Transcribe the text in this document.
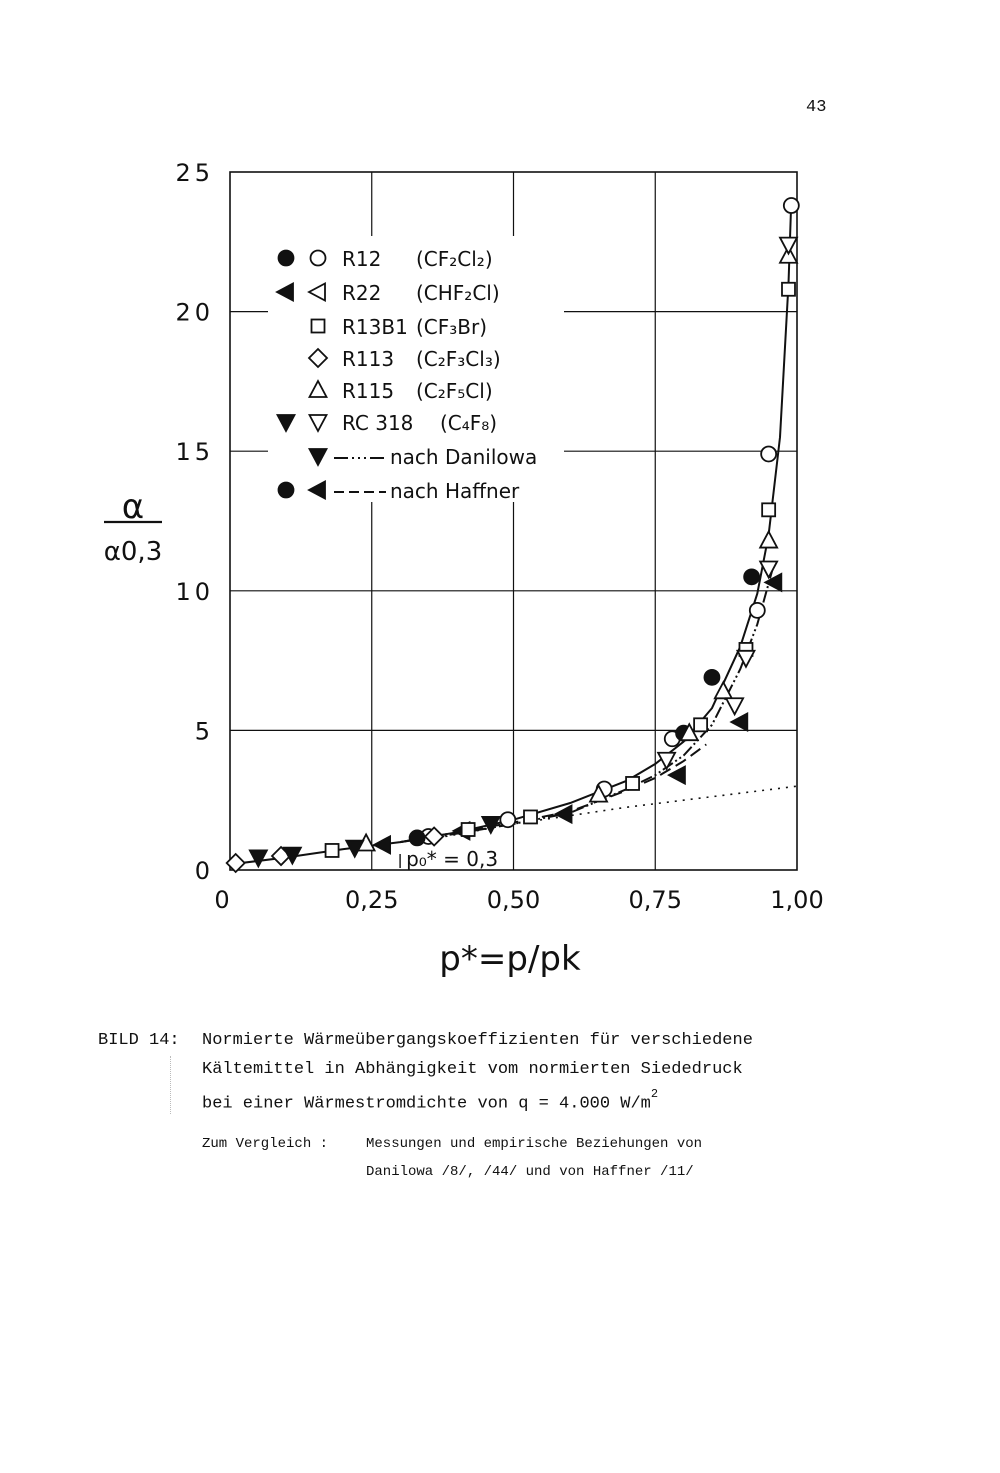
43
0	0,25	0,50	0,75	1,00
0
5
10
15
20
25
p*=p/pk
α
α0,3
p₀* = 0,3
R12 (CF₂Cl₂)
R22 (CHF₂Cl)
R13B1 (CF₃Br)
R113 (C₂F₃Cl₃)
R115 (C₂F₅Cl)
RC 318 (C₄F₈)
nach Danilowa
nach Haffner
BILD 14: Normierte Wärmeübergangskoeffizienten für verschiedene
Kältemittel in Abhängigkeit vom normierten Siededruck
bei einer Wärmestromdichte von q = 4.000 $W/m^2$
Zum Vergleich :	Messungen und empirische Beziehungen von
Danilowa /8/, /44/ und von Haffner /11/
